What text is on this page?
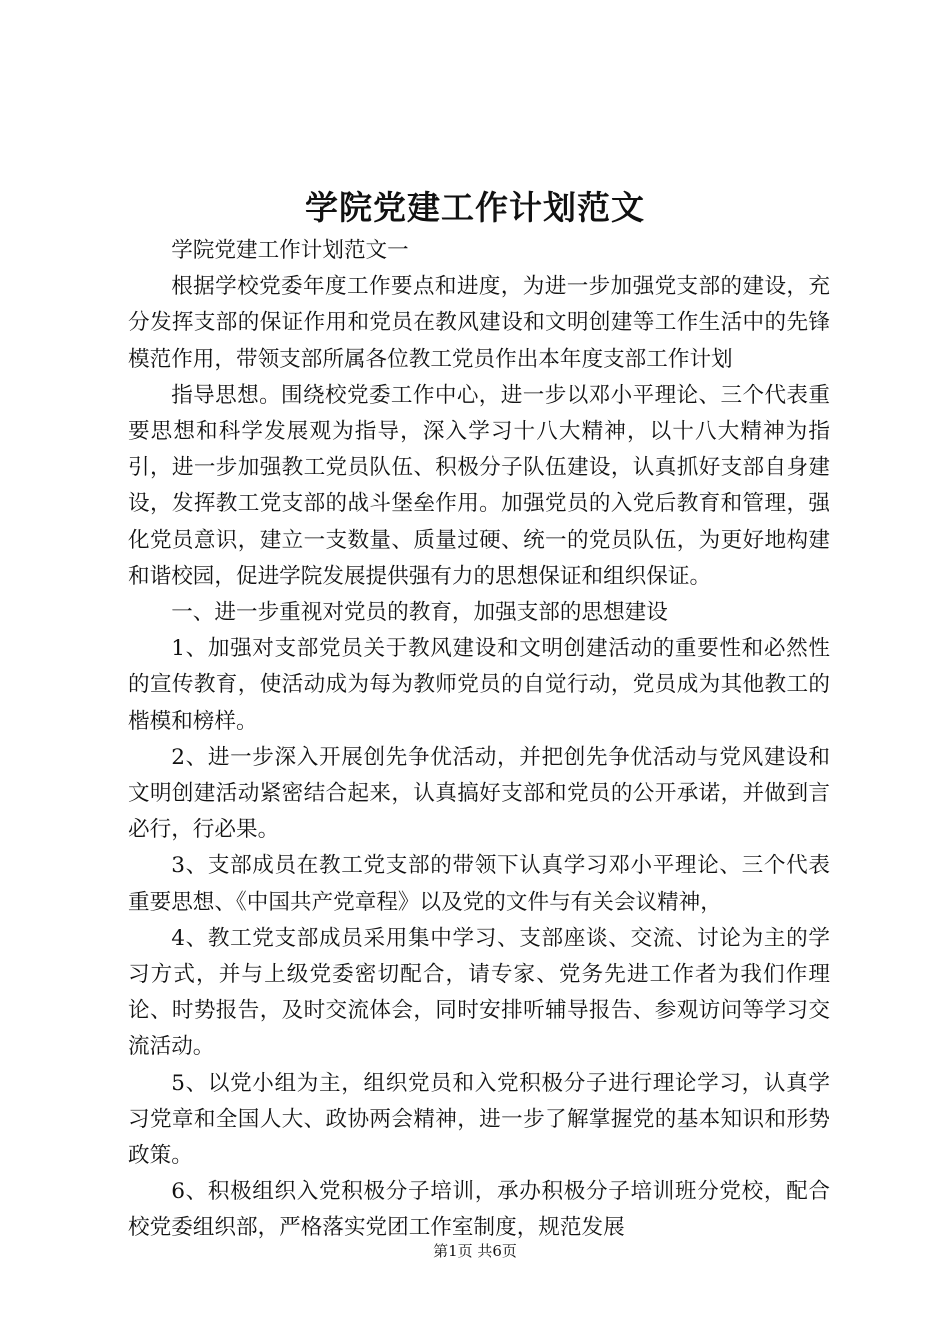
学院党建工作计划范文

学院党建工作计划范文一

根据学校党委年度工作要点和进度，为进一步加强党支部的建设，充分发挥支部的保证作用和党员在教风建设和文明创建等工作生活中的先锋模范作用，带领支部所属各位教工党员作出本年度支部工作计划

指导思想。围绕校党委工作中心，进一步以邓小平理论、三个代表重要思想和科学发展观为指导，深入学习十八大精神，以十八大精神为指引，进一步加强教工党员队伍、积极分子队伍建设，认真抓好支部自身建设，发挥教工党支部的战斗堡垒作用。加强党员的入党后教育和管理，强化党员意识，建立一支数量、质量过硬、统一的党员队伍，为更好地构建和谐校园，促进学院发展提供强有力的思想保证和组织保证。

一、进一步重视对党员的教育，加强支部的思想建设

1、加强对支部党员关于教风建设和文明创建活动的重要性和必然性的宣传教育，使活动成为每为教师党员的自觉行动，党员成为其他教工的楷模和榜样。

2、进一步深入开展创先争优活动，并把创先争优活动与党风建设和文明创建活动紧密结合起来，认真搞好支部和党员的公开承诺，并做到言必行，行必果。

3、支部成员在教工党支部的带领下认真学习邓小平理论、三个代表重要思想、《中国共产党章程》以及党的文件与有关会议精神，

4、教工党支部成员采用集中学习、支部座谈、交流、讨论为主的学习方式，并与上级党委密切配合，请专家、党务先进工作者为我们作理论、时势报告，及时交流体会，同时安排听辅导报告、参观访问等学习交流活动。

5、以党小组为主，组织党员和入党积极分子进行理论学习，认真学习党章和全国人大、政协两会精神，进一步了解掌握党的基本知识和形势政策。

6、积极组织入党积极分子培训，承办积极分子培训班分党校，配合校党委组织部，严格落实党团工作室制度，规范发展

第1页 共6页
